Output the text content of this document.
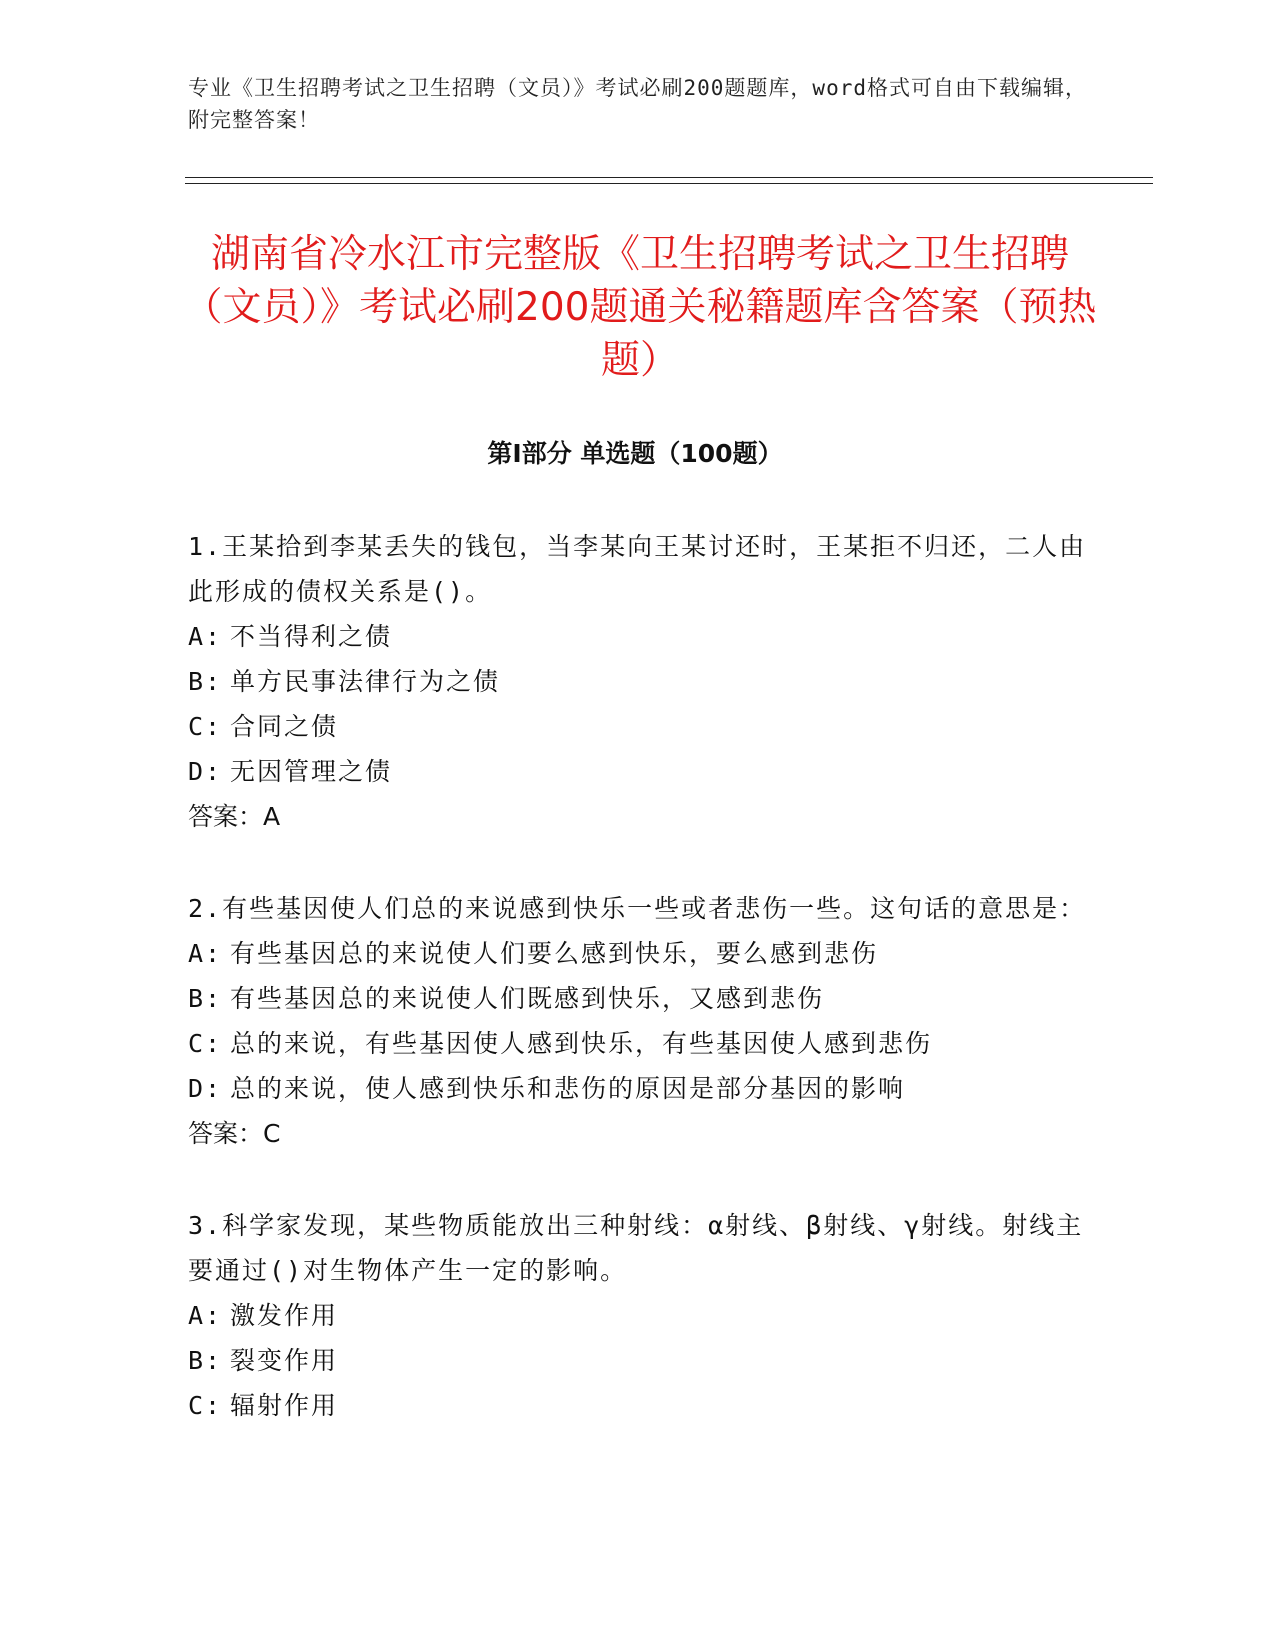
专业《卫生招聘考试之卫生招聘（文员）》考试必刷200题题库，word格式可自由下载编辑，附完整答案！
湖南省冷水江市完整版《卫生招聘考试之卫生招聘（文员）》考试必刷200题通关秘籍题库含答案（预热题）
第Ⅰ部分 单选题（100题）

1.王某拾到李某丢失的钱包，当李某向王某讨还时，王某拒不归还，二人由此形成的债权关系是()。

A: 不当得利之债

B: 单方民事法律行为之债

C: 合同之债

D: 无因管理之债

答案：A

2.有些基因使人们总的来说感到快乐一些或者悲伤一些。这句话的意思是：

A: 有些基因总的来说使人们要么感到快乐，要么感到悲伤

B: 有些基因总的来说使人们既感到快乐，又感到悲伤

C: 总的来说，有些基因使人感到快乐，有些基因使人感到悲伤

D: 总的来说，使人感到快乐和悲伤的原因是部分基因的影响

答案：C

3.科学家发现，某些物质能放出三种射线：α射线、β射线、γ射线。射线主要通过()对生物体产生一定的影响。

A: 激发作用

B: 裂变作用

C: 辐射作用
